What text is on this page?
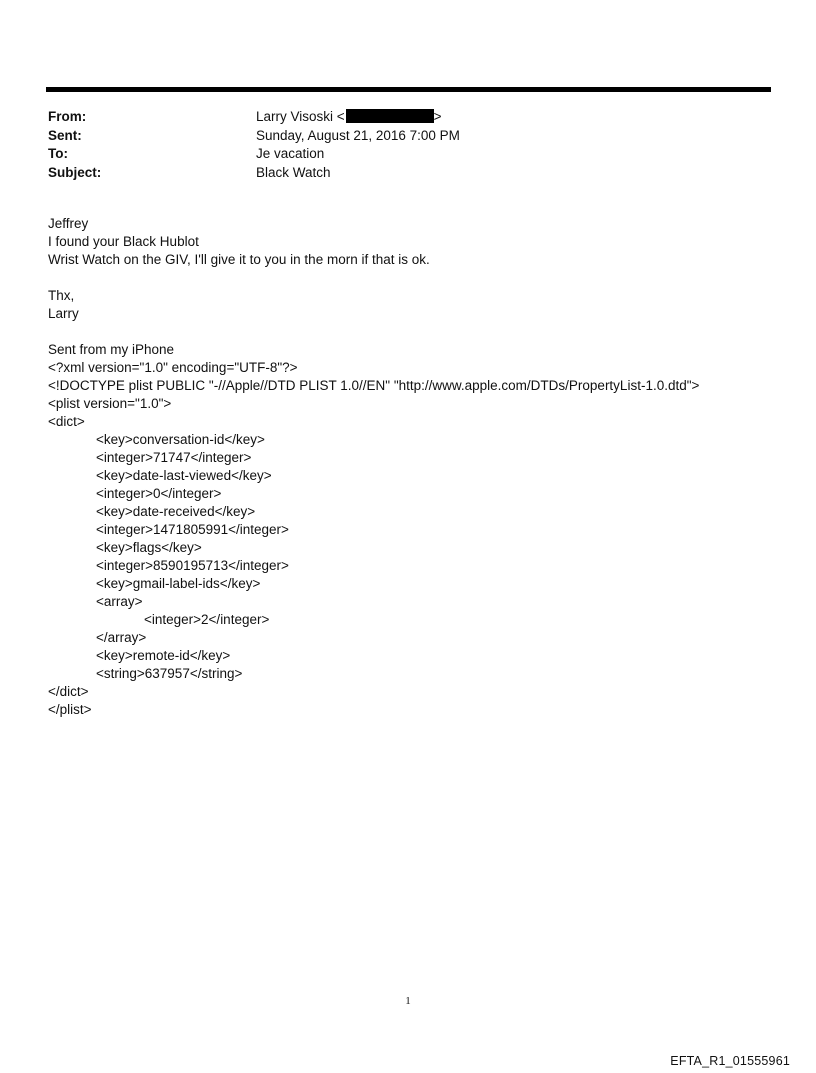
From:	Larry Visoski <	>
Sent:	Sunday, August 21, 2016 7:00 PM
To:	Je vacation
Subject:	Black Watch
Jeffrey
I found your Black Hublot
Wrist Watch on the GIV, I'll give it to you in the morn if that is ok.
Thx,
Larry
Sent from my iPhone
<?xml version="1.0" encoding="UTF-8"?>
<!DOCTYPE plist PUBLIC "-//Apple//DTD PLIST 1.0//EN" "http://www.apple.com/DTDs/PropertyList-1.0.dtd">
<plist version="1.0">
<dict>
<key>conversation-id</key>
<integer>71747</integer>
<key>date-last-viewed</key>
<integer>0</integer>
<key>date-received</key>
<integer>1471805991</integer>
<key>flags</key>
<integer>8590195713</integer>
<key>gmail-label-ids</key>
<array>
<integer>2</integer>
</array>
<key>remote-id</key>
<string>637957</string>
</dict>
</plist>
1
EFTA_R1_01555961
